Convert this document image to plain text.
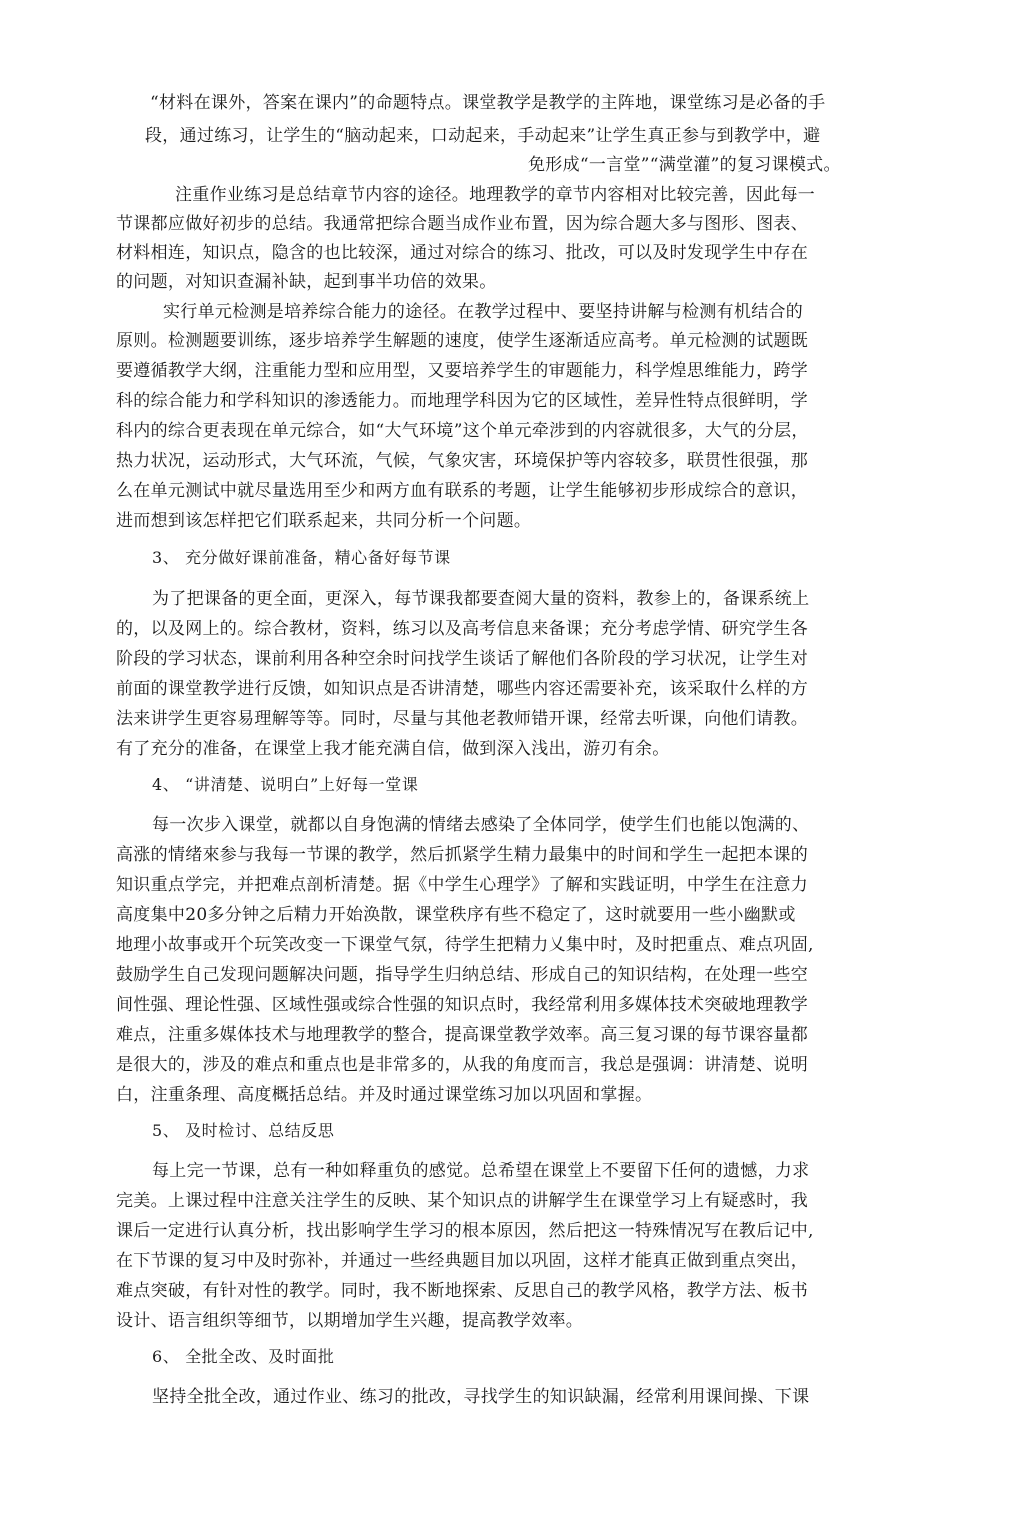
“材料在课外，答案在课内”的命题特点。课堂教学是教学的主阵地，课堂练习是必备的手
段，通过练习，让学生的“脑动起来，口动起来，手动起来”让学生真正参与到教学中，避
免形成“一言堂”“满堂灌”的复习课模式。
注重作业练习是总结章节内容的途径。地理教学的章节内容相对比较完善，因此每一
节课都应做好初步的总结。我通常把综合题当成作业布置，因为综合题大多与图形、图表、
材料相连，知识点，隐含的也比较深，通过对综合的练习、批改，可以及时发现学生中存在
的问题，对知识查漏补缺，起到事半功倍的效果。
实行单元检测是培养综合能力的途径。在教学过程中、要坚持讲解与检测有机结合的
原则。检测题要训练，逐步培养学生解题的速度，使学生逐渐适应高考。单元检测的试题既
要遵循教学大纲，注重能力型和应用型，又要培养学生的审题能力，科学煌思维能力，跨学
科的综合能力和学科知识的渗透能力。而地理学科因为它的区域性，差异性特点很鲜明，学
科内的综合更表现在单元综合，如“大气环境”这个单元牵涉到的内容就很多，大气的分层，
热力状况，运动形式，大气环流，气候，气象灾害，环境保护等内容较多，联贯性很强，那
么在单元测试中就尽量选用至少和两方血有联系的考题，让学生能够初步形成综合的意识，
进而想到该怎样把它们联系起来，共同分析一个问题。
3、 充分做好课前准备，精心备好每节课
为了把课备的更全面，更深入，每节课我都要查阅大量的资料，教参上的，备课系统上
的，以及网上的。综合教材，资料，练习以及高考信息来备课；充分考虑学情、研究学生各
阶段的学习状态，课前利用各种空余时问找学生谈话了解他们各阶段的学习状况，让学生对
前面的课堂教学进行反馈，如知识点是否讲清楚，哪些内容还需要补充，该采取什么样的方
法来讲学生更容易理解等等。同时，尽量与其他老教师错开课，经常去听课，向他们请教。
有了充分的准备，在课堂上我才能充满自信，做到深入浅出，游刃有余。
4、 “讲清楚、说明白”上好每一堂课
每一次步入课堂，就都以自身饱满的情绪去感染了全体同学，使学生们也能以饱满的、
高涨的情绪來参与我每一节课的教学，然后抓紧学生精力最集中的时间和学生一起把本课的
知识重点学完，并把难点剖析清楚。据《中学生心理学》了解和实践证明，中学生在注意力
高度集中20多分钟之后精力开始涣散，课堂秩序有些不稳定了，这时就要用一些小幽默或
地理小故事或开个玩笑改变一下课堂气氛，待学生把精力乂集中时，及时把重点、难点巩固,
鼓励学生自己发现问题解决问题，指导学生归纳总结、形成自己的知识结构，在处理一些空
间性强、理论性强、区域性强或综合性强的知识点时，我经常利用多媒体技术突破地理教学
难点，注重多媒体技术与地理教学的整合，提高课堂教学效率。高三复习课的每节课容量都
是很大的，涉及的难点和重点也是非常多的，从我的角度而言，我总是强调：讲清楚、说明
白，注重条理、高度概括总结。并及时通过课堂练习加以巩固和掌握。
5、 及时检讨、总结反思
每上完一节课，总有一种如释重负的感觉。总希望在课堂上不要留下任何的遗憾，力求
完美。上课过程中注意关注学生的反映、某个知识点的讲解学生在课堂学习上有疑惑时，我
课后一定进行认真分析，找出影响学生学习的根本原因，然后把这一特殊情况写在教后记中,
在下节课的复习中及时弥补，并通过一些经典题目加以巩固，这样才能真正做到重点突出，
难点突破，有针对性的教学。同时，我不断地探索、反思自己的教学风格，教学方法、板书
设计、语言组织等细节，以期增加学生兴趣，提高教学效率。
6、 全批全改、及时面批
坚持全批全改，通过作业、练习的批改，寻找学生的知识缺漏，经常利用课间操、下课
